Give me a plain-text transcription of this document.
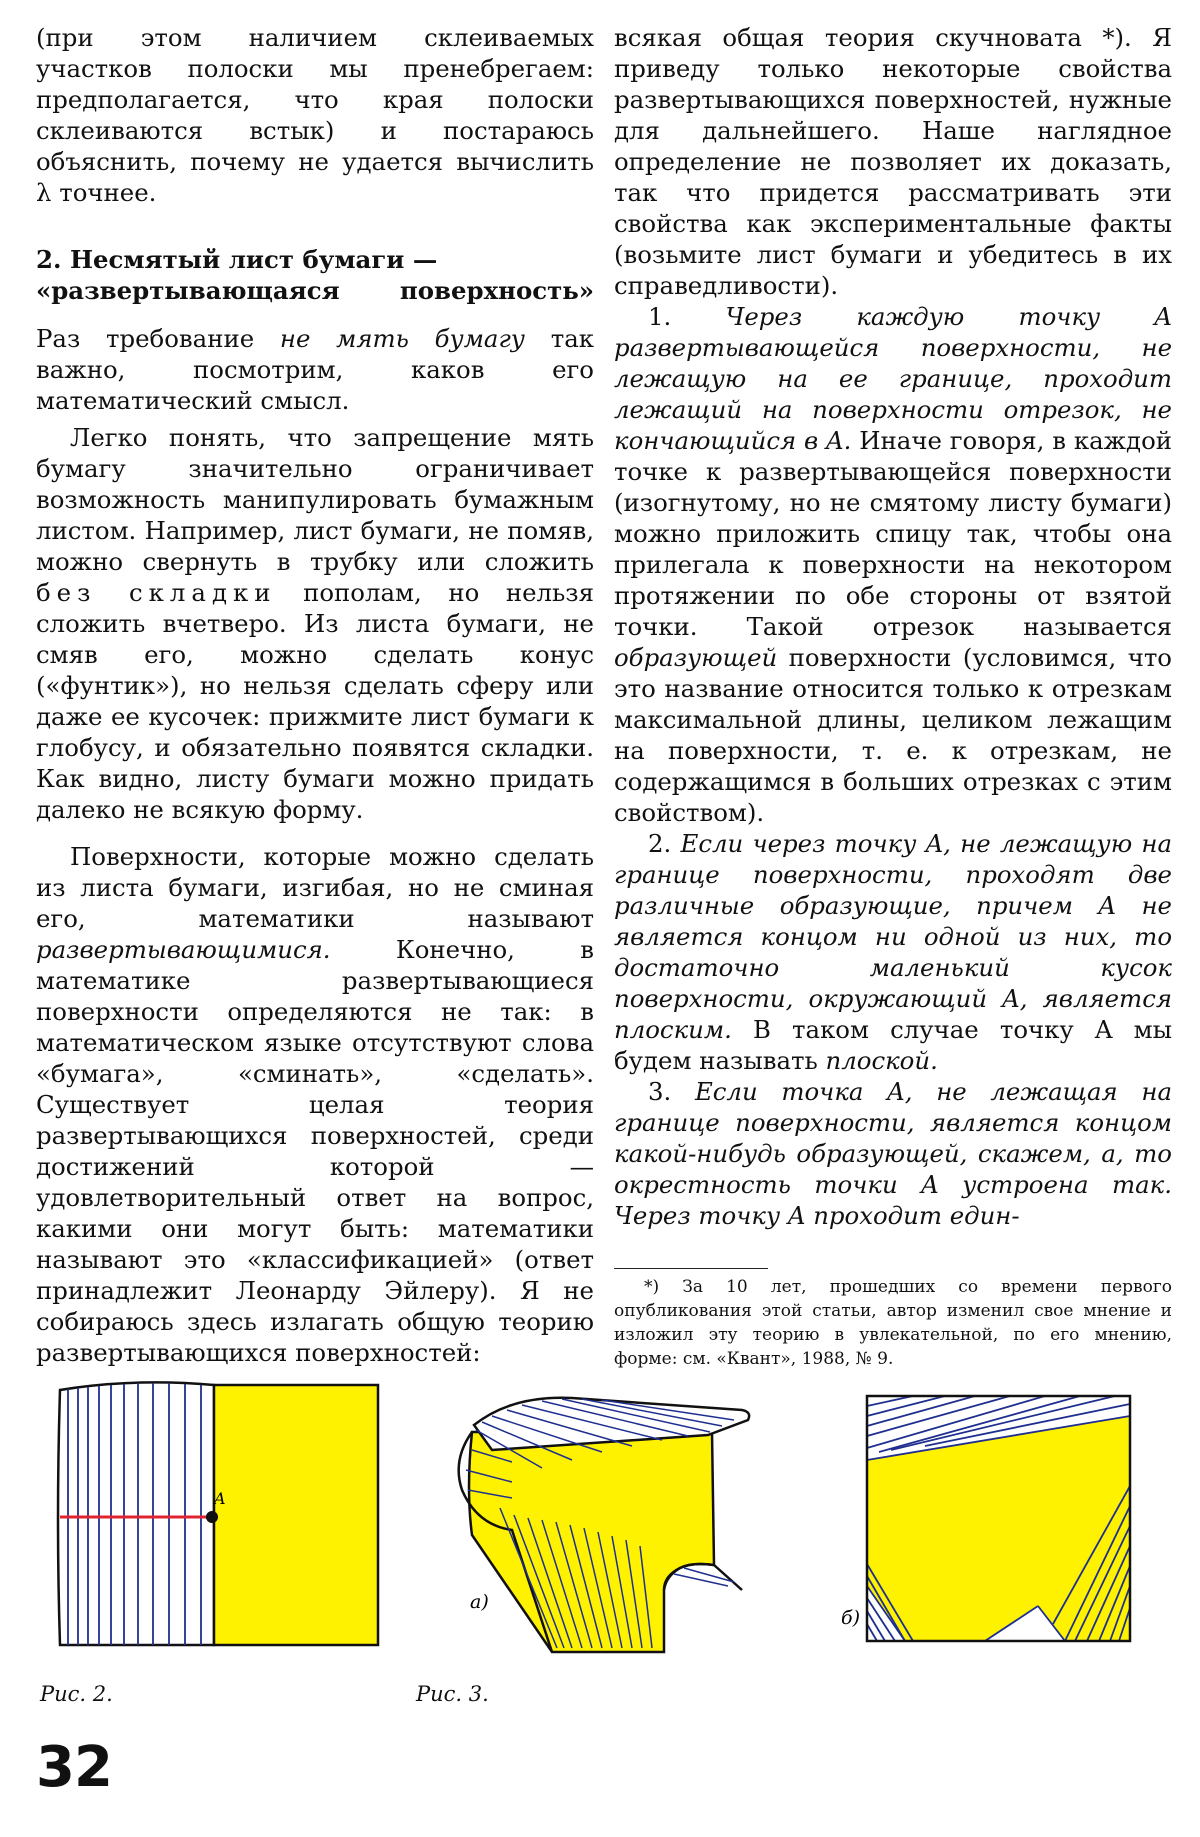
(при этом наличием склеиваемых участков полоски мы пренебрегаем: предполагается, что края полоски склеиваются встык) и постараюсь объяснить, почему не удается вычислить λ точнее.

2. Несмятый лист бумаги —
«развертывающаяся поверхность»

Раз требование не мять бумагу так важно, посмотрим, каков его математический смысл.

Легко понять, что запрещение мять бумагу значительно ограничивает возможность манипулировать бумажным листом. Например, лист бумаги, не помяв, можно свернуть в трубку или сложить без складки пополам, но нельзя сложить вчетверо. Из листа бумаги, не смяв его, можно сделать конус («фунтик»), но нельзя сделать сферу или даже ее кусочек: прижмите лист бумаги к глобусу, и обязательно появятся складки. Как видно, листу бумаги можно придать далеко не всякую форму.

Поверхности, которые можно сделать из листа бумаги, изгибая, но не сминая его, математики называют развертывающимися. Конечно, в математике развертывающиеся поверхности определяются не так: в математическом языке отсутствуют слова «бумага», «сминать», «сделать». Существует целая теория развертывающихся поверхностей, среди достижений которой — удовлетворительный ответ на вопрос, какими они могут быть: математики называют это «классификацией» (ответ принадлежит Леонарду Эйлеру). Я не собираюсь здесь излагать общую теорию развертывающихся поверхностей:

всякая общая теория скучновата *). Я приведу только некоторые свойства развертывающихся поверхностей, нужные для дальнейшего. Наше наглядное определение не позволяет их доказать, так что придется рассматривать эти свойства как экспериментальные факты (возьмите лист бумаги и убедитесь в их справедливости).

1. Через каждую точку A развертывающейся поверхности, не лежащую на ее границе, проходит лежащий на поверхности отрезок, не кончающийся в A. Иначе говоря, в каждой точке к развертывающейся поверхности (изогнутому, но не смятому листу бумаги) можно приложить спицу так, чтобы она прилегала к поверхности на некотором протяжении по обе стороны от взятой точки. Такой отрезок называется образующей поверхности (условимся, что это название относится только к отрезкам максимальной длины, целиком лежащим на поверхности, т. е. к отрезкам, не содержащимся в больших отрезках с этим свойством).

2. Если через точку A, не лежащую на границе поверхности, проходят две различные образующие, причем A не является концом ни одной из них, то достаточно маленький кусок поверхности, окружающий A, является плоским. В таком случае точку A мы будем называть плоской.

3. Если точка A, не лежащая на границе поверхности, является концом какой-нибудь образующей, скажем, a, то окрестность точки A устроена так. Через точку A проходит един-

*) За 10 лет, прошедших со времени первого опубликования этой статьи, автор изменил свое мнение и изложил эту теорию в увлекательной, по его мнению, форме: см. «Квант», 1988, № 9.

A
а)
б)
Рис. 2.	Рис. 3.
32
